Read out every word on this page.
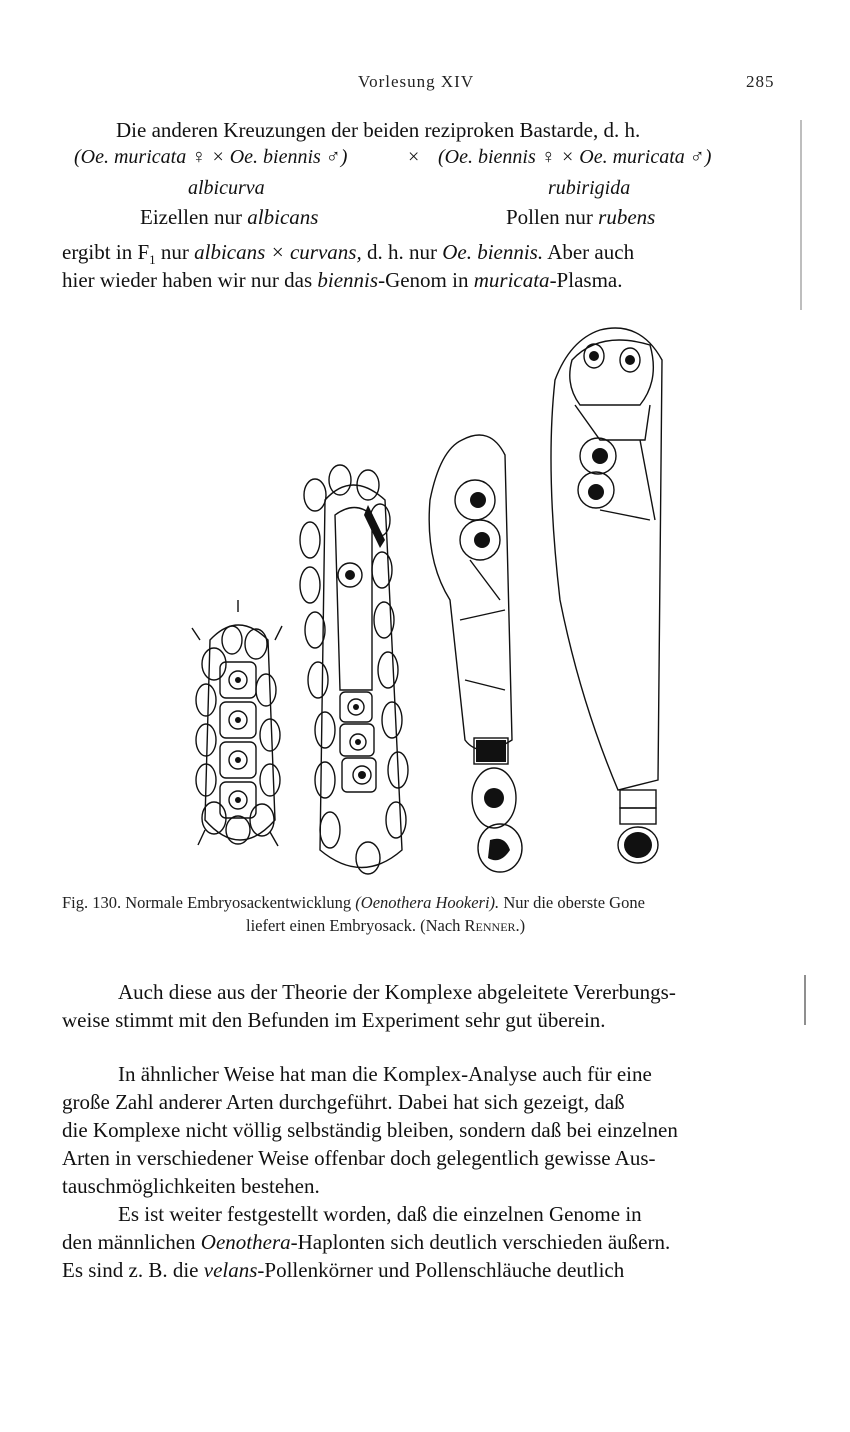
Vorlesung XIV	285
Die anderen Kreuzungen der beiden reziproken Bastarde, d. h.
(Oe. muricata ♀ × Oe. biennis ♂)	× (Oe. biennis ♀ × Oe. muricata ♂)
albicurva	rubirigida
Eizellen nur albicans	Pollen nur rubens
ergibt in $F_1$ nur albicans × curvans, d. h. nur Oe. biennis. Aber auch
hier wieder haben wir nur das biennis-Genom in muricata-Plasma.
Fig. 130. Normale Embryosackentwicklung (Oenothera Hookeri). Nur die oberste Gone
liefert einen Embryosack. (Nach Renner.)
Auch diese aus der Theorie der Komplexe abgeleitete Vererbungs-
weise stimmt mit den Befunden im Experiment sehr gut überein.
In ähnlicher Weise hat man die Komplex-Analyse auch für eine
große Zahl anderer Arten durchgeführt. Dabei hat sich gezeigt, daß
die Komplexe nicht völlig selbständig bleiben, sondern daß bei einzelnen
Arten in verschiedener Weise offenbar doch gelegentlich gewisse Aus-
tauschmöglichkeiten bestehen.
Es ist weiter festgestellt worden, daß die einzelnen Genome in
den männlichen Oenothera-Haplonten sich deutlich verschieden äußern.
Es sind z. B. die velans-Pollenkörner und Pollenschläuche deutlich
